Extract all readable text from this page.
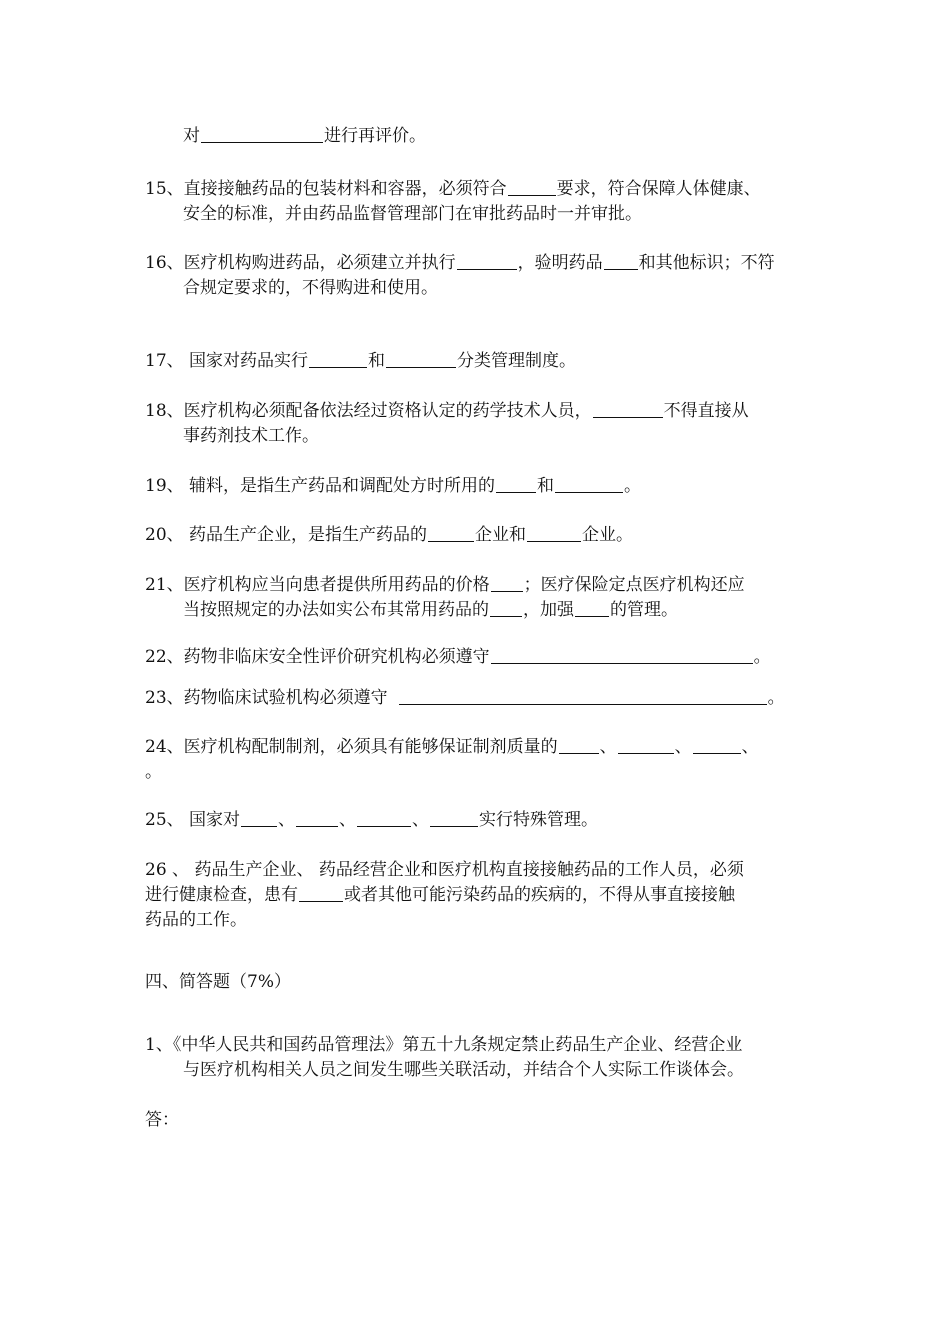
对	进行再评价。
15、直接接触药品的包装材料和容器，必须符合	要求，符合保障人体健康、
安全的标准，并由药品监督管理部门在审批药品时一并审批。
16、医疗机构购进药品，必须建立并执行	，验明药品 和其他标识；不符
合规定要求的，不得购进和使用。
17、 国家对药品实行	和	分类管理制度。
18、医疗机构必须配备依法经过资格认定的药学技术人员，	不得直接从
事药剂技术工作。
19、 辅料，是指生产药品和调配处方时所用的 和	。
20、 药品生产企业，是指生产药品的	企业和	企业。
21、医疗机构应当向患者提供所用药品的价格 ；医疗保险定点医疗机构还应
当按照规定的办法如实公布其常用药品的 ，加强 的管理。
22、药物非临床安全性评价研究机构必须遵守	。
23、药物临床试验机构必须遵守	。
24、医疗机构配制制剂，必须具有能够保证制剂质量的 、	、	、
。
25、 国家对 、	、	、	实行特殊管理。
26 、 药品生产企业、 药品经营企业和医疗机构直接接触药品的工作人员，必须
进行健康检查，患有	或者其他可能污染药品的疾病的，不得从事直接接触
药品的工作。
四、简答题（7%）
1、《中华人民共和国药品管理法》第五十九条规定禁止药品生产企业、经营企业
与医疗机构相关人员之间发生哪些关联活动，并结合个人实际工作谈体会。
答：
